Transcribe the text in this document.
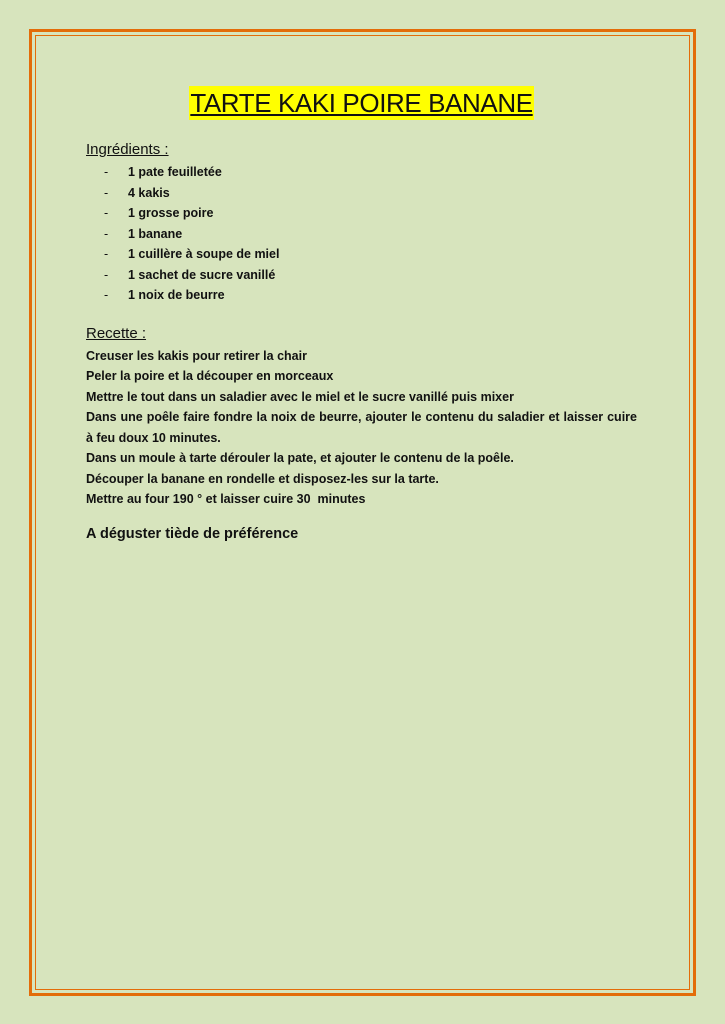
TARTE KAKI POIRE BANANE
Ingrédients :
- 1 pate feuilletée
- 4 kakis
- 1 grosse poire
- 1 banane
- 1 cuillère à soupe de miel
- 1 sachet de sucre vanillé
- 1 noix de beurre
Recette :

Creuser les kakis pour retirer la chair

Peler la poire et la découper en morceaux

Mettre le tout dans un saladier avec le miel et le sucre vanillé puis mixer

Dans une poêle faire fondre la noix de beurre, ajouter le contenu du saladier et laisser cuire à feu doux 10 minutes.

Dans un moule à tarte dérouler la pate, et ajouter le contenu de la poêle.

Découper la banane en rondelle et disposez-les sur la tarte.

Mettre au four 190 ° et laisser cuire 30  minutes

A déguster tiède de préférence
